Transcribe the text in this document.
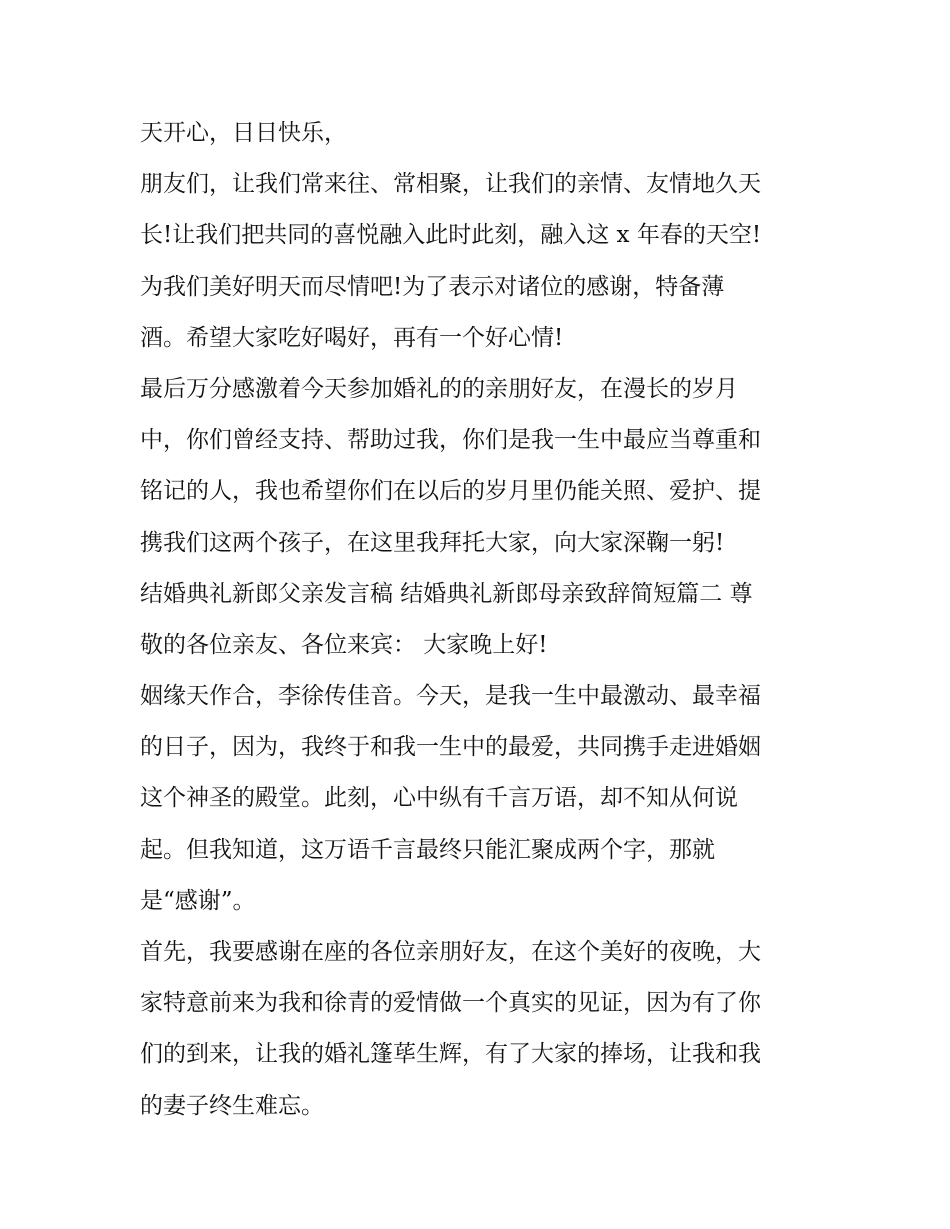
天开心，日日快乐，

朋友们，让我们常来往、常相聚，让我们的亲情、友情地久天

长!让我们把共同的喜悦融入此时此刻，融入这 x 年春的天空!

为我们美好明天而尽情吧!为了表示对诸位的感谢，特备薄

酒。希望大家吃好喝好，再有一个好心情!

最后万分感激着今天参加婚礼的的亲朋好友，在漫长的岁月

中，你们曾经支持、帮助过我，你们是我一生中最应当尊重和

铭记的人，我也希望你们在以后的岁月里仍能关照、爱护、提

携我们这两个孩子，在这里我拜托大家，向大家深鞠一躬!

结婚典礼新郎父亲发言稿 结婚典礼新郎母亲致辞简短篇二 尊

敬的各位亲友、各位来宾： 大家晚上好!

姻缘天作合，李徐传佳音。今天，是我一生中最激动、最幸福

的日子，因为，我终于和我一生中的最爱，共同携手走进婚姻

这个神圣的殿堂。此刻，心中纵有千言万语，却不知从何说

起。但我知道，这万语千言最终只能汇聚成两个字，那就

是“感谢”。

首先，我要感谢在座的各位亲朋好友，在这个美好的夜晚，大

家特意前来为我和徐青的爱情做一个真实的见证，因为有了你

们的到来，让我的婚礼篷荜生辉，有了大家的捧场，让我和我

的妻子终生难忘。
